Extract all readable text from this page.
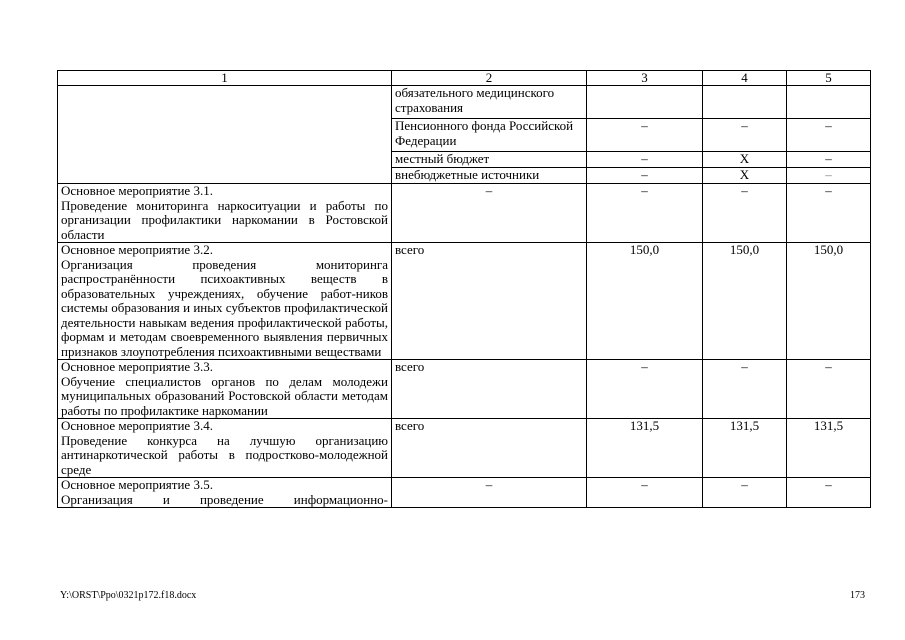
1	2	3	4	5
	обязательного медицинского страхования			
	Пенсионного фонда Российской Федерации	–	–	–
	местный бюджет	–	Х	–
	внебюджетные источники	–	Х	–

Основное мероприятие 3.1.
Проведение мониторинга наркоситуации и работы по организации профилактики наркомании в Ростовской области	–	–	–	–

Основное мероприятие 3.2.
Организация проведения мониторинга распространённости психоактивных веществ в образовательных учреждениях, обучение работ-ников системы образования и иных субъектов профилактической деятельности навыкам ведения профилактической работы, формам и методам своевременного выявления первичных признаков злоупотребления психоактивными веществами	всего	150,0	150,0	150,0

Основное мероприятие 3.3.
Обучение специалистов органов по делам молодежи муниципальных образований Ростовской области методам работы по профилактике наркомании	всего	–	–	–

Основное мероприятие 3.4.
Проведение конкурса на лучшую организацию антинаркотической работы в подростково-молодежной среде	всего	131,5	131,5	131,5

Основное мероприятие 3.5.
Организация и проведение информационно-	–	–	–	–
Y:\ORST\Ppo\0321p172.f18.docx	173
